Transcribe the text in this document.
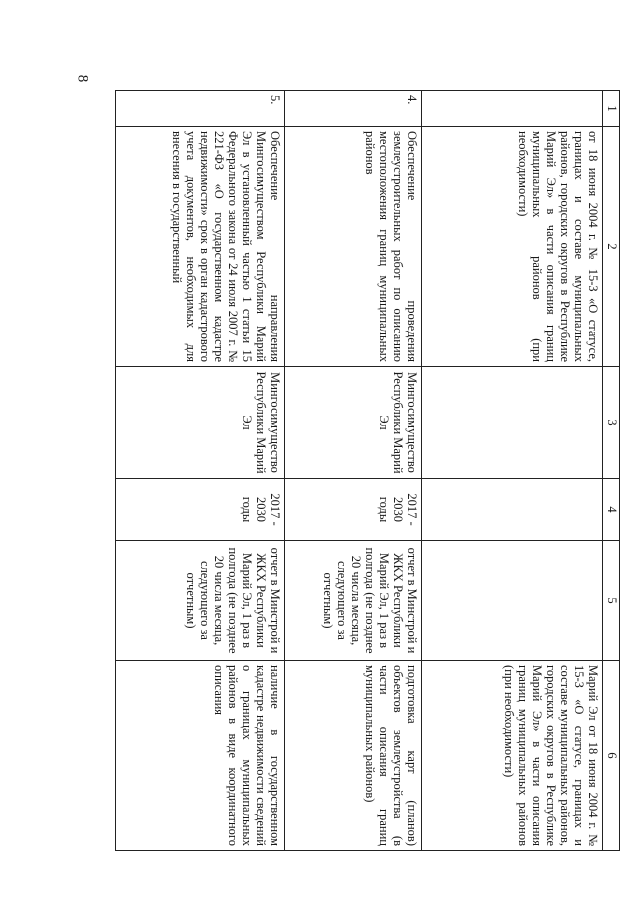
8
1	2	3	4	5	6
	от 18 июня 2004 г. № 15-З «О статусе, границах и составе муниципальных районов, городских округов в Республике Марий Эл» в части описания границ муниципальных районов (при необходимости)				Марий Эл от 18 июня 2004 г. № 15-З «О статусе, границах и составе муниципальных районов, городских округов в Республике Марий Эл» в части описания границ муниципальных районов (при необходимости)
4.	Обеспечение проведения землеустроительных работ по описанию местоположения границ муниципальных районов	Мингосимущество Республики Марий Эл	2017 - 2030 годы	отчет в Минстрой и ЖКХ Республики Марий Эл, 1 раз в полгода (не позднее 20 числа месяца, следующего за отчетным)	подготовка карт (планов) объектов землеустройства (в части описания границ муниципальных районов)
5.	Обеспечение направления Мингосимуществом Республики Марий Эл в установленный частью 1 статьи 15 Федерального закона от 24 июля 2007 г. № 221-ФЗ «О государственном кадастре недвижимости» срок в орган кадастрового учета документов, необходимых для внесения в государственный	Мингосимущество Республики Марий Эл	2017 - 2030 годы	отчет в Минстрой и ЖКХ Республики Марий Эл, 1 раз в полгода (не позднее 20 числа месяца, следующего за отчетным)	наличие в государственном кадастре недвижимости сведений о границах муниципальных районов в виде координатного описания
